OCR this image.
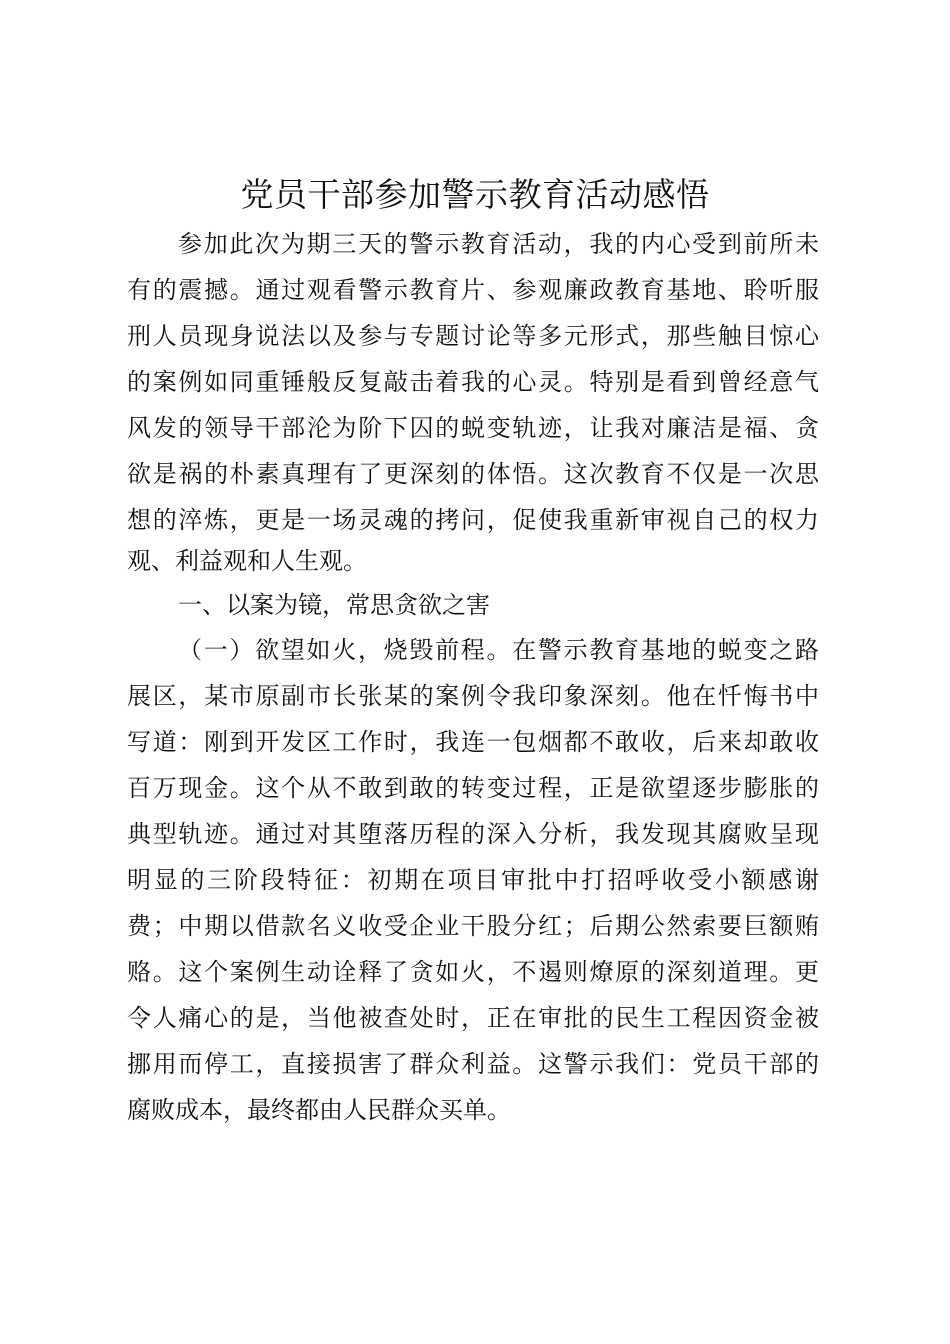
党员干部参加警示教育活动感悟
参加此次为期三天的警示教育活动，我的内心受到前所未
有的震撼。通过观看警示教育片、参观廉政教育基地、聆听服
刑人员现身说法以及参与专题讨论等多元形式，那些触目惊心
的案例如同重锤般反复敲击着我的心灵。特别是看到曾经意气
风发的领导干部沦为阶下囚的蜕变轨迹，让我对廉洁是福、贪
欲是祸的朴素真理有了更深刻的体悟。这次教育不仅是一次思
想的淬炼，更是一场灵魂的拷问，促使我重新审视自己的权力
观、利益观和人生观。
一、以案为镜，常思贪欲之害
（一）欲望如火，烧毁前程。在警示教育基地的蜕变之路
展区，某市原副市长张某的案例令我印象深刻。他在忏悔书中
写道：刚到开发区工作时，我连一包烟都不敢收，后来却敢收
百万现金。这个从不敢到敢的转变过程，正是欲望逐步膨胀的
典型轨迹。通过对其堕落历程的深入分析，我发现其腐败呈现
明显的三阶段特征：初期在项目审批中打招呼收受小额感谢
费；中期以借款名义收受企业干股分红；后期公然索要巨额贿
赂。这个案例生动诠释了贪如火，不遏则燎原的深刻道理。更
令人痛心的是，当他被查处时，正在审批的民生工程因资金被
挪用而停工，直接损害了群众利益。这警示我们：党员干部的
腐败成本，最终都由人民群众买单。
